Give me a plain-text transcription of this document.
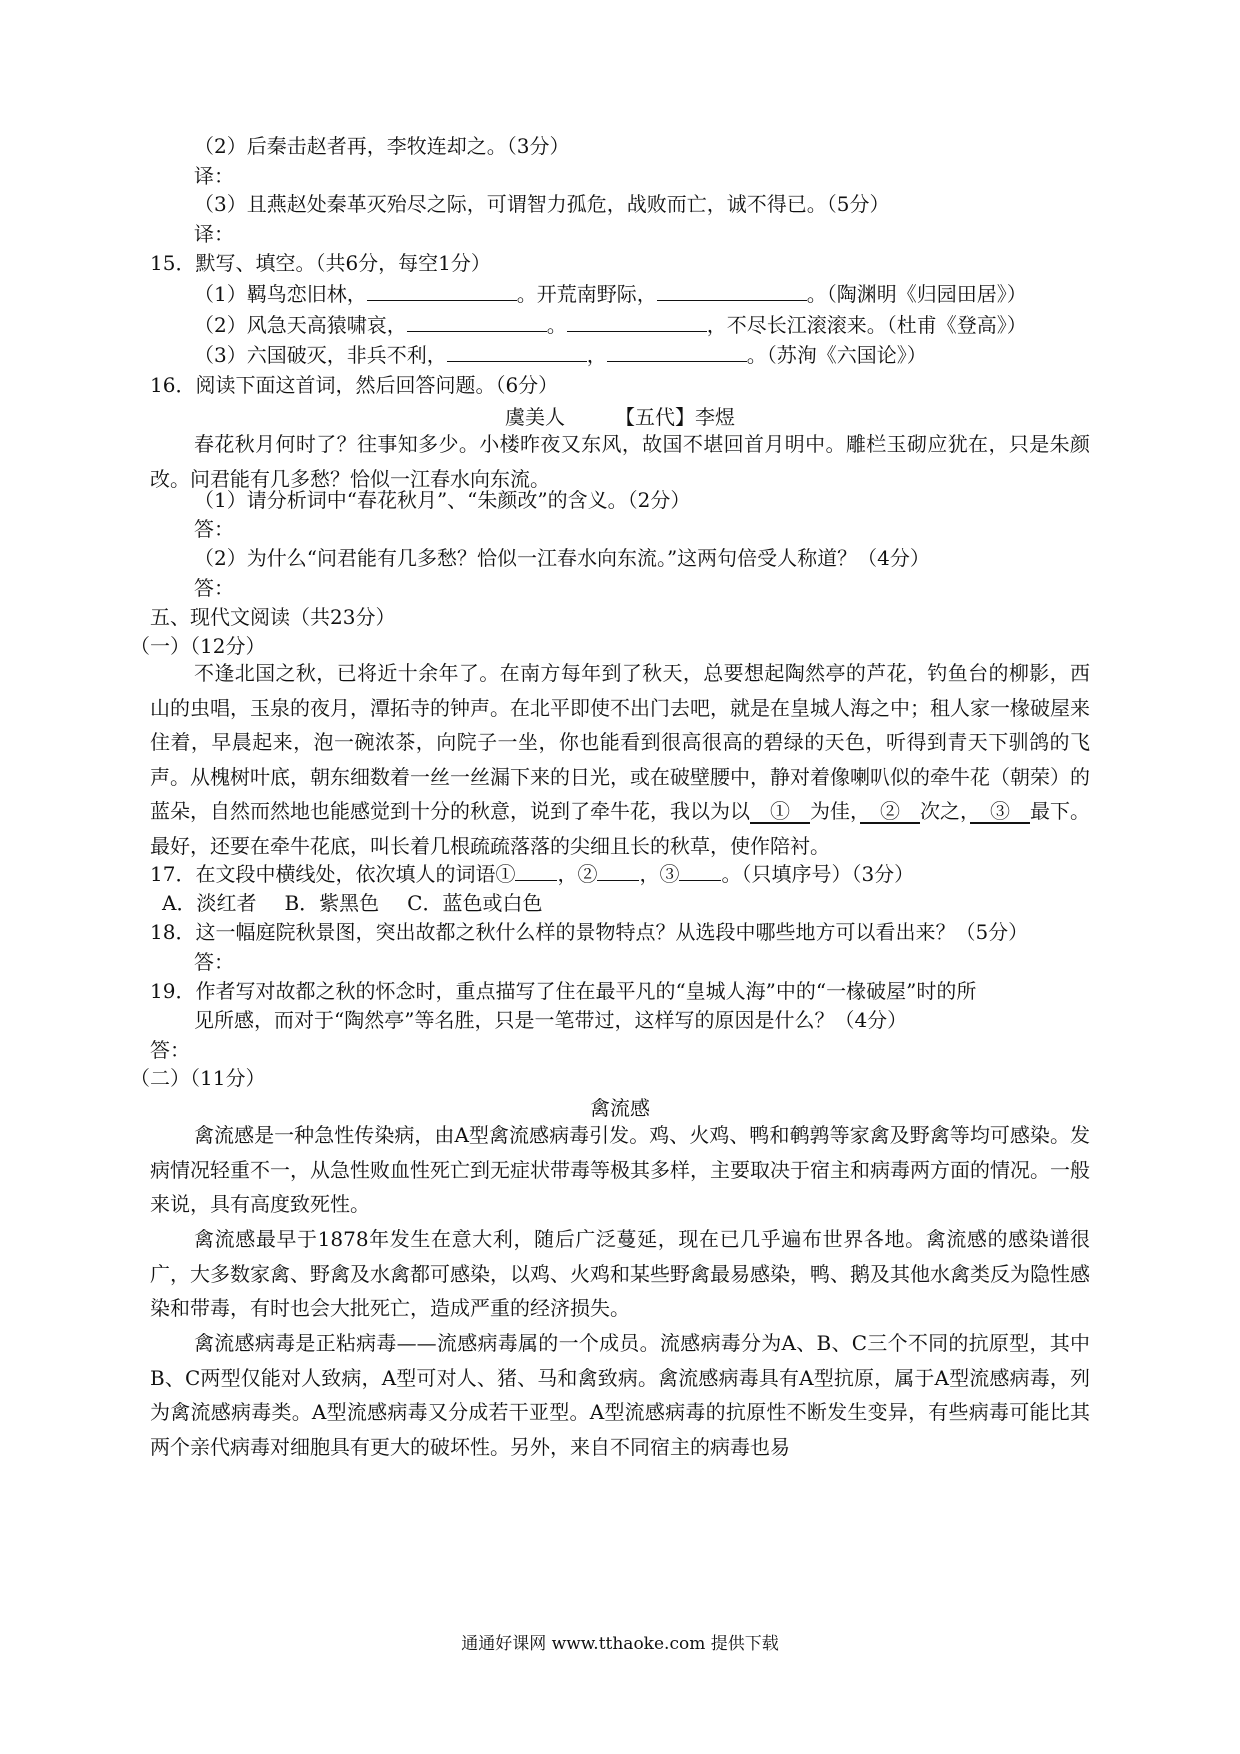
（2）后秦击赵者再，李牧连却之。（3分）
译：
（3）且燕赵处秦革灭殆尽之际，可谓智力孤危，战败而亡，诚不得已。（5分）
译：
15．默写、填空。（共6分，每空1分）
（1）羁鸟恋旧林，	。开荒南野际，	。（陶渊明《归园田居》）
（2）风急天高猿啸哀，	。	，不尽长江滚滚来。（杜甫《登高》）
（3）六国破灭，非兵不利，	，	。（苏洵《六国论》）
16．阅读下面这首词，然后回答问题。（6分）
虞美人　　　【五代】李煜
春花秋月何时了？往事知多少。小楼昨夜又东风，故国不堪回首月明中。雕栏玉砌应犹在，只是朱颜改。问君能有几多愁？恰似一江春水向东流。
（1）请分析词中“春花秋月”、“朱颜改”的含义。（2分）
答：
（2）为什么“问君能有几多愁？恰似一江春水向东流。”这两句倍受人称道？（4分）
答：
五、现代文阅读（共23分）
（一）（12分）
不逢北国之秋，已将近十余年了。在南方每年到了秋天，总要想起陶然亭的芦花，钓鱼台的柳影，西山的虫唱，玉泉的夜月，潭拓寺的钟声。在北平即使不出门去吧，就是在皇城人海之中；租人家一椽破屋来住着，早晨起来，泡一碗浓茶，向院子一坐，你也能看到很高很高的碧绿的天色，听得到青天下驯鸽的飞声。从槐树叶底，朝东细数着一丝一丝漏下来的日光，或在破壁腰中，静对着像喇叭似的牵牛花（朝荣）的蓝朵，自然而然地也能感觉到十分的秋意，说到了牵牛花，我以为以　①　为佳，　②　次之，　③　最下。最好，还要在牵牛花底，叫长着几根疏疏落落的尖细且长的秋草，使作陪衬。
17．在文段中横线处，依次填人的词语① ，② ，③ 。（只填序号）（3分）
A．淡红者 B．紫黑色 C．蓝色或白色
18．这一幅庭院秋景图，突出故都之秋什么样的景物特点？从选段中哪些地方可以看出来？（5分）
答：
19．作者写对故都之秋的怀念时，重点描写了住在最平凡的“皇城人海”中的“一椽破屋”时的所
见所感，而对于“陶然亭”等名胜，只是一笔带过，这样写的原因是什么？（4分）
答：
（二）（11分）
禽流感
禽流感是一种急性传染病，由A型禽流感病毒引发。鸡、火鸡、鸭和鹌鹑等家禽及野禽等均可感染。发病情况轻重不一，从急性败血性死亡到无症状带毒等极其多样，主要取决于宿主和病毒两方面的情况。一般来说，具有高度致死性。
禽流感最早于1878年发生在意大利，随后广泛蔓延，现在已几乎遍布世界各地。禽流感的感染谱很广，大多数家禽、野禽及水禽都可感染，以鸡、火鸡和某些野禽最易感染，鸭、鹅及其他水禽类反为隐性感染和带毒，有时也会大批死亡，造成严重的经济损失。
禽流感病毒是正粘病毒——流感病毒属的一个成员。流感病毒分为A、B、C三个不同的抗原型，其中B、C两型仅能对人致病，A型可对人、猪、马和禽致病。禽流感病毒具有A型抗原，属于A型流感病毒，列为禽流感病毒类。A型流感病毒又分成若干亚型。A型流感病毒的抗原性不断发生变异，有些病毒可能比其两个亲代病毒对细胞具有更大的破坏性。另外，来自不同宿主的病毒也易
通通好课网 www.tthaoke.com 提供下载
